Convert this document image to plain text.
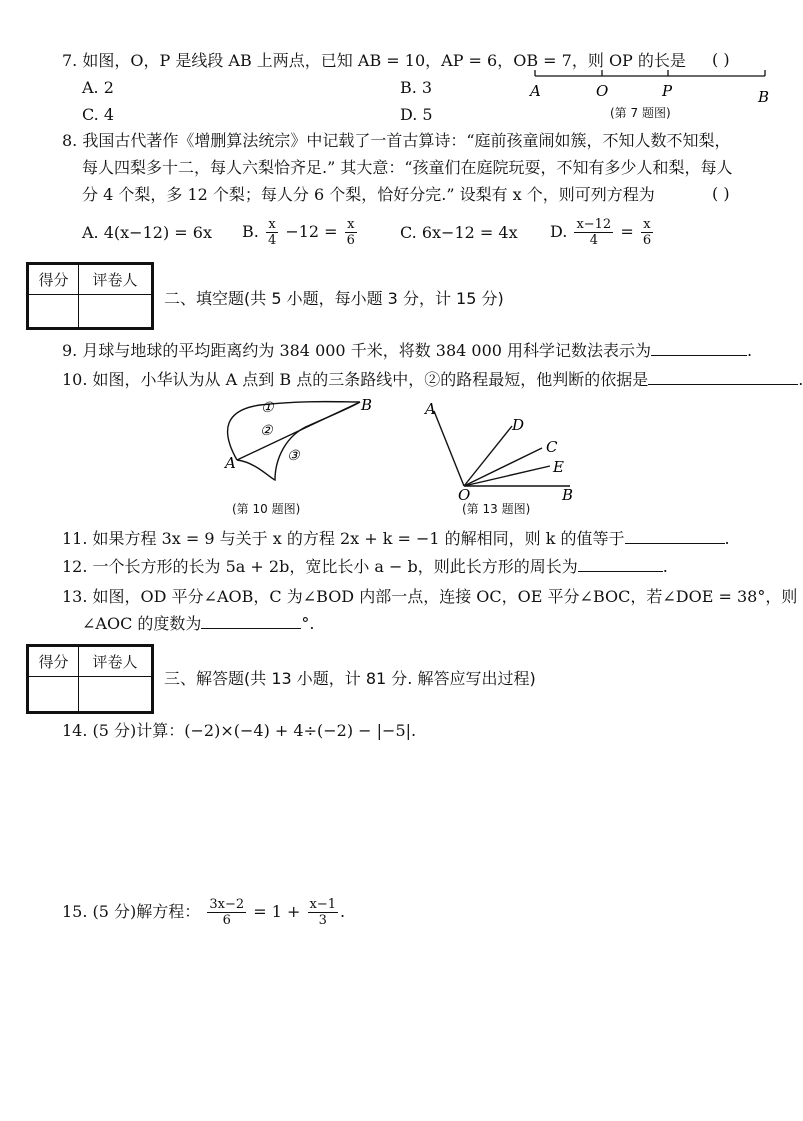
7. 如图，O，P 是线段 AB 上两点，已知 AB = 10，AP = 6，OB = 7，则 OP 的长是 ( )
A. 2	B. 3
C. 4	D. 5
A	O	P	B
(第 7 题图)
8. 我国古代著作《增删算法统宗》中记载了一首古算诗：“庭前孩童闹如簇，不知人数不知梨，
每人四梨多十二，每人六梨恰齐足.” 其大意：“孩童们在庭院玩耍，不知有多少人和梨，每人
分 4 个梨，多 12 个梨；每人分 6 个梨，恰好分完.” 设梨有 x 个，则可列方程为	( )
A. 4(x−12) = 6x B. $\frac{x}{4} -12 = \frac{x}{6}$	C. 6x−12 = 4x D. $\frac{x-12}{4} = \frac{x}{6}$
得分	评卷人

二、填空题(共 5 小题，每小题 3 分，计 15 分)
9. 月球与地球的平均距离约为 384 000 千米，将数 384 000 用科学记数法表示为	.
10. 如图，小华认为从 A 点到 B 点的三条路线中，②的路程最短，他判断的依据是	.
①
②
③
A
B
(第 10 题图)
A
D
C
E
O	B
(第 13 题图)
11. 如果方程 3x = 9 与关于 x 的方程 2x + k = −1 的解相同，则 k 的值等于	.
12. 一个长方形的长为 5a + 2b，宽比长小 a − b，则此长方形的周长为	.
13. 如图，OD 平分∠AOB，C 为∠BOD 内部一点，连接 OC，OE 平分∠BOC，若∠DOE = 38°，则
∠AOC 的度数为	°.
得分	评卷人

三、解答题(共 13 小题，计 81 分. 解答应写出过程)
14. (5 分)计算：(−2)×(−4) + 4÷(−2) − |−5|.
15. (5 分)解方程： $\frac{3x-2}{6} = 1 + \frac{x-1}{3}$ .
